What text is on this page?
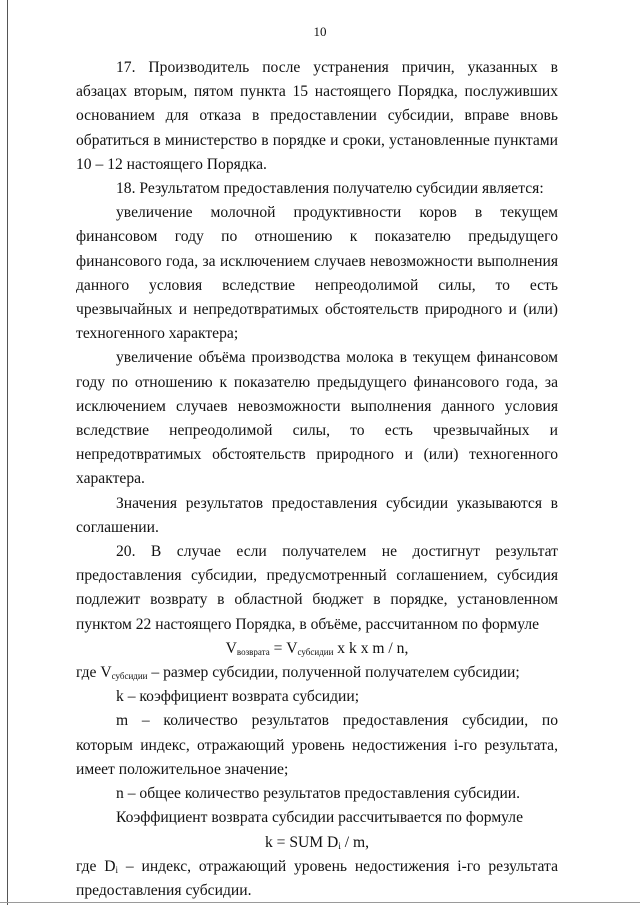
10

17. Производитель после устранения причин, указанных в абзацах вторым, пятом пункта 15 настоящего Порядка, послуживших основанием для отказа в предоставлении субсидии, вправе вновь обратиться в министерство в порядке и сроки, установленные пунктами 10 – 12 настоящего Порядка.

18. Результатом предоставления получателю субсидии является:

увеличение молочной продуктивности коров в текущем финансовом году по отношению к показателю предыдущего финансового года, за исключением случаев невозможности выполнения данного условия вследствие непреодолимой силы, то есть чрезвычайных и непредотвратимых обстоятельств природного и (или) техногенного характера;

увеличение объёма производства молока в текущем финансовом году по отношению к показателю предыдущего финансового года, за исключением случаев невозможности выполнения данного условия вследствие непреодолимой силы, то есть чрезвычайных и непредотвратимых обстоятельств природного и (или) техногенного характера.

Значения результатов предоставления субсидии указываются в соглашении.

20. В случае если получателем не достигнут результат предоставления субсидии, предусмотренный соглашением, субсидия подлежит возврату в областной бюджет в порядке, установленном пунктом 22 настоящего Порядка, в объёме, рассчитанном по формуле

$V_{возврата} = V_{субсидии}$ x k x m / n,

где $V_{субсидии}$ – размер субсидии, полученной получателем субсидии;

k – коэффициент возврата субсидии;

m – количество результатов предоставления субсидии, по которым индекс, отражающий уровень недостижения i-го результата, имеет положительное значение;

n – общее количество результатов предоставления субсидии.

Коэффициент возврата субсидии рассчитывается по формуле

k = SUM $D_i$ / m,

где $D_i$ – индекс, отражающий уровень недостижения i-го результата предоставления субсидии.
